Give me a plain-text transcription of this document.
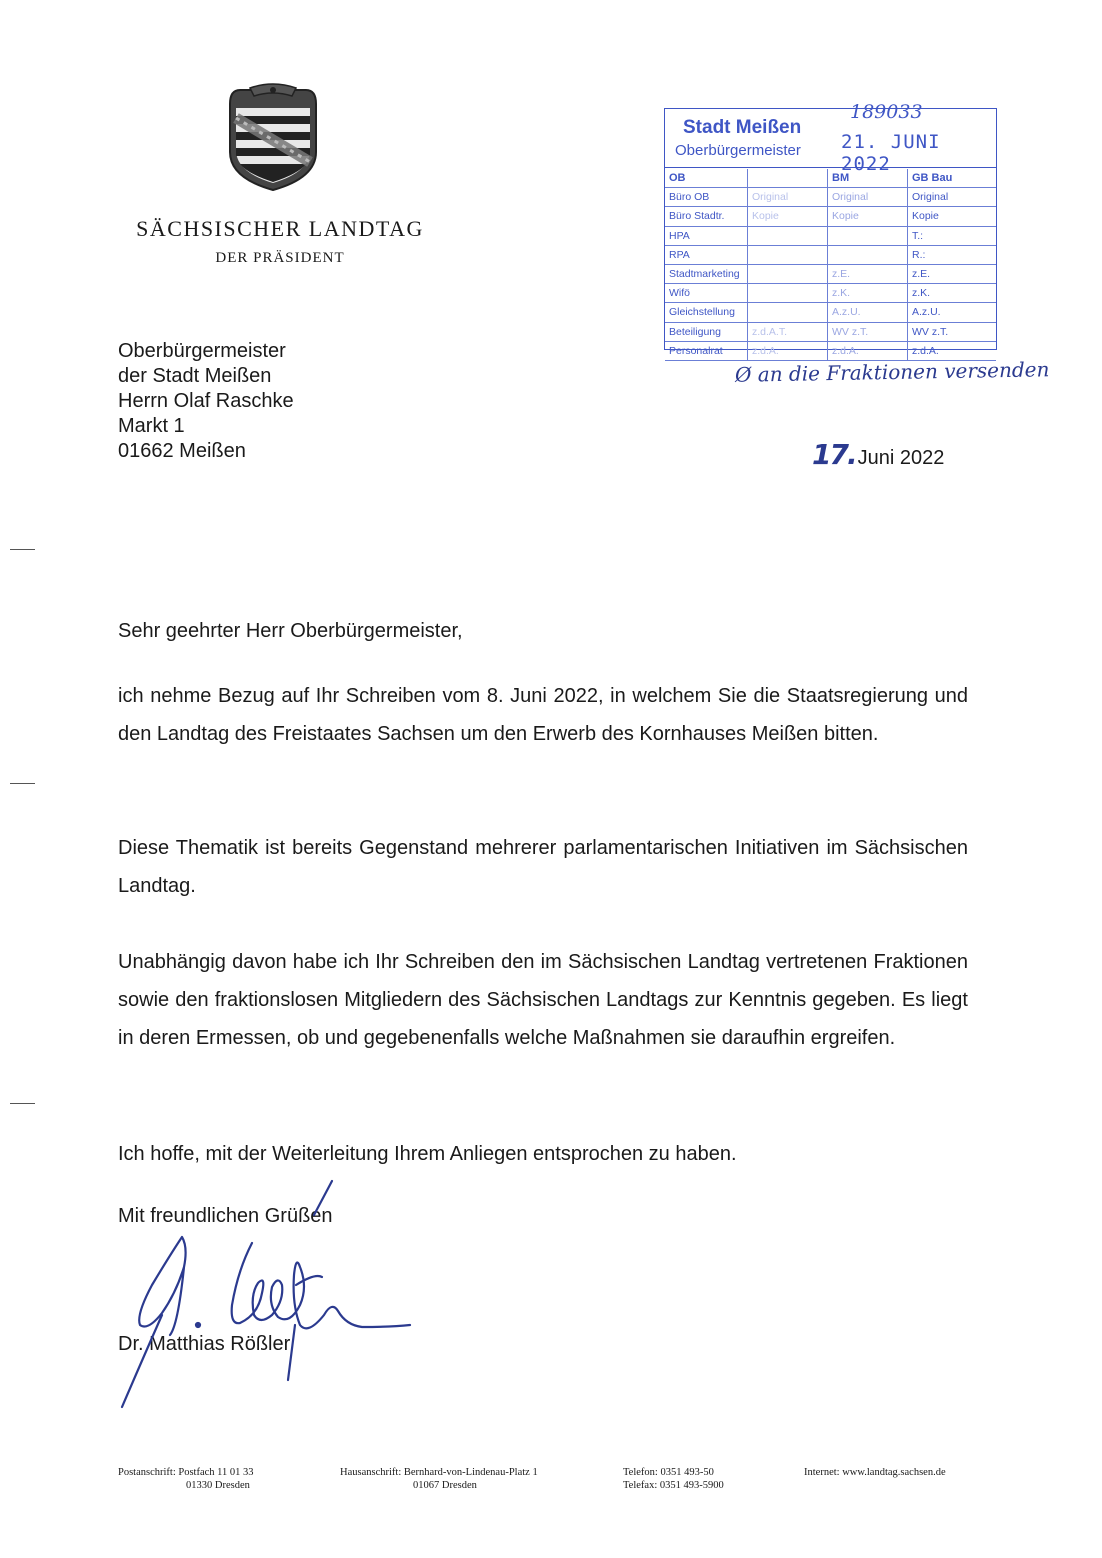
SÄCHSISCHER LANDTAG
DER PRÄSIDENT
Oberbürgermeister
der Stadt Meißen
Herrn Olaf Raschke
Markt 1
01662 Meißen	17. Juni 2022
Stadt Meißen
Oberbürgermeister
189033
21. JUNI 2022
OB		BM	GB Bau
Büro OB	Original	Original	Original
Büro Stadtr.	Kopie	Kopie	Kopie
HPA			T.:
RPA			R.:
Stadtmarketing		z.E.	z.E.
Wifö		z.K.	z.K.
Gleichstellung		A.z.U.	A.z.U.
Beteiligung	z.d.A.T.	WV z.T.	WV z.T.
Personalrat	z.d.A.	z.d.A.	z.d.A.
Ø an die Fraktionen versenden
Sehr geehrter Herr Oberbürgermeister,
ich nehme Bezug auf Ihr Schreiben vom 8. Juni 2022, in welchem Sie die Staatsregierung und den Landtag des Freistaates Sachsen um den Erwerb des Kornhauses Meißen bitten.
Diese Thematik ist bereits Gegenstand mehrerer parlamentarischen Initiativen im Sächsischen Landtag.
Unabhängig davon habe ich Ihr Schreiben den im Sächsischen Landtag vertretenen Fraktionen sowie den fraktionslosen Mitgliedern des Sächsischen Landtags zur Kenntnis gegeben. Es liegt in deren Ermessen, ob und gegebenenfalls welche Maßnahmen sie daraufhin ergreifen.
Ich hoffe, mit der Weiterleitung Ihrem Anliegen entsprochen zu haben.
Mit freundlichen Grüßen
Dr. Matthias Rößler
Postanschrift: Postfach 11 01 33
01330 Dresden
Hausanschrift: Bernhard-von-Lindenau-Platz 1
01067 Dresden
Telefon: 0351 493-50
Telefax: 0351 493-5900
Internet: www.landtag.sachsen.de
